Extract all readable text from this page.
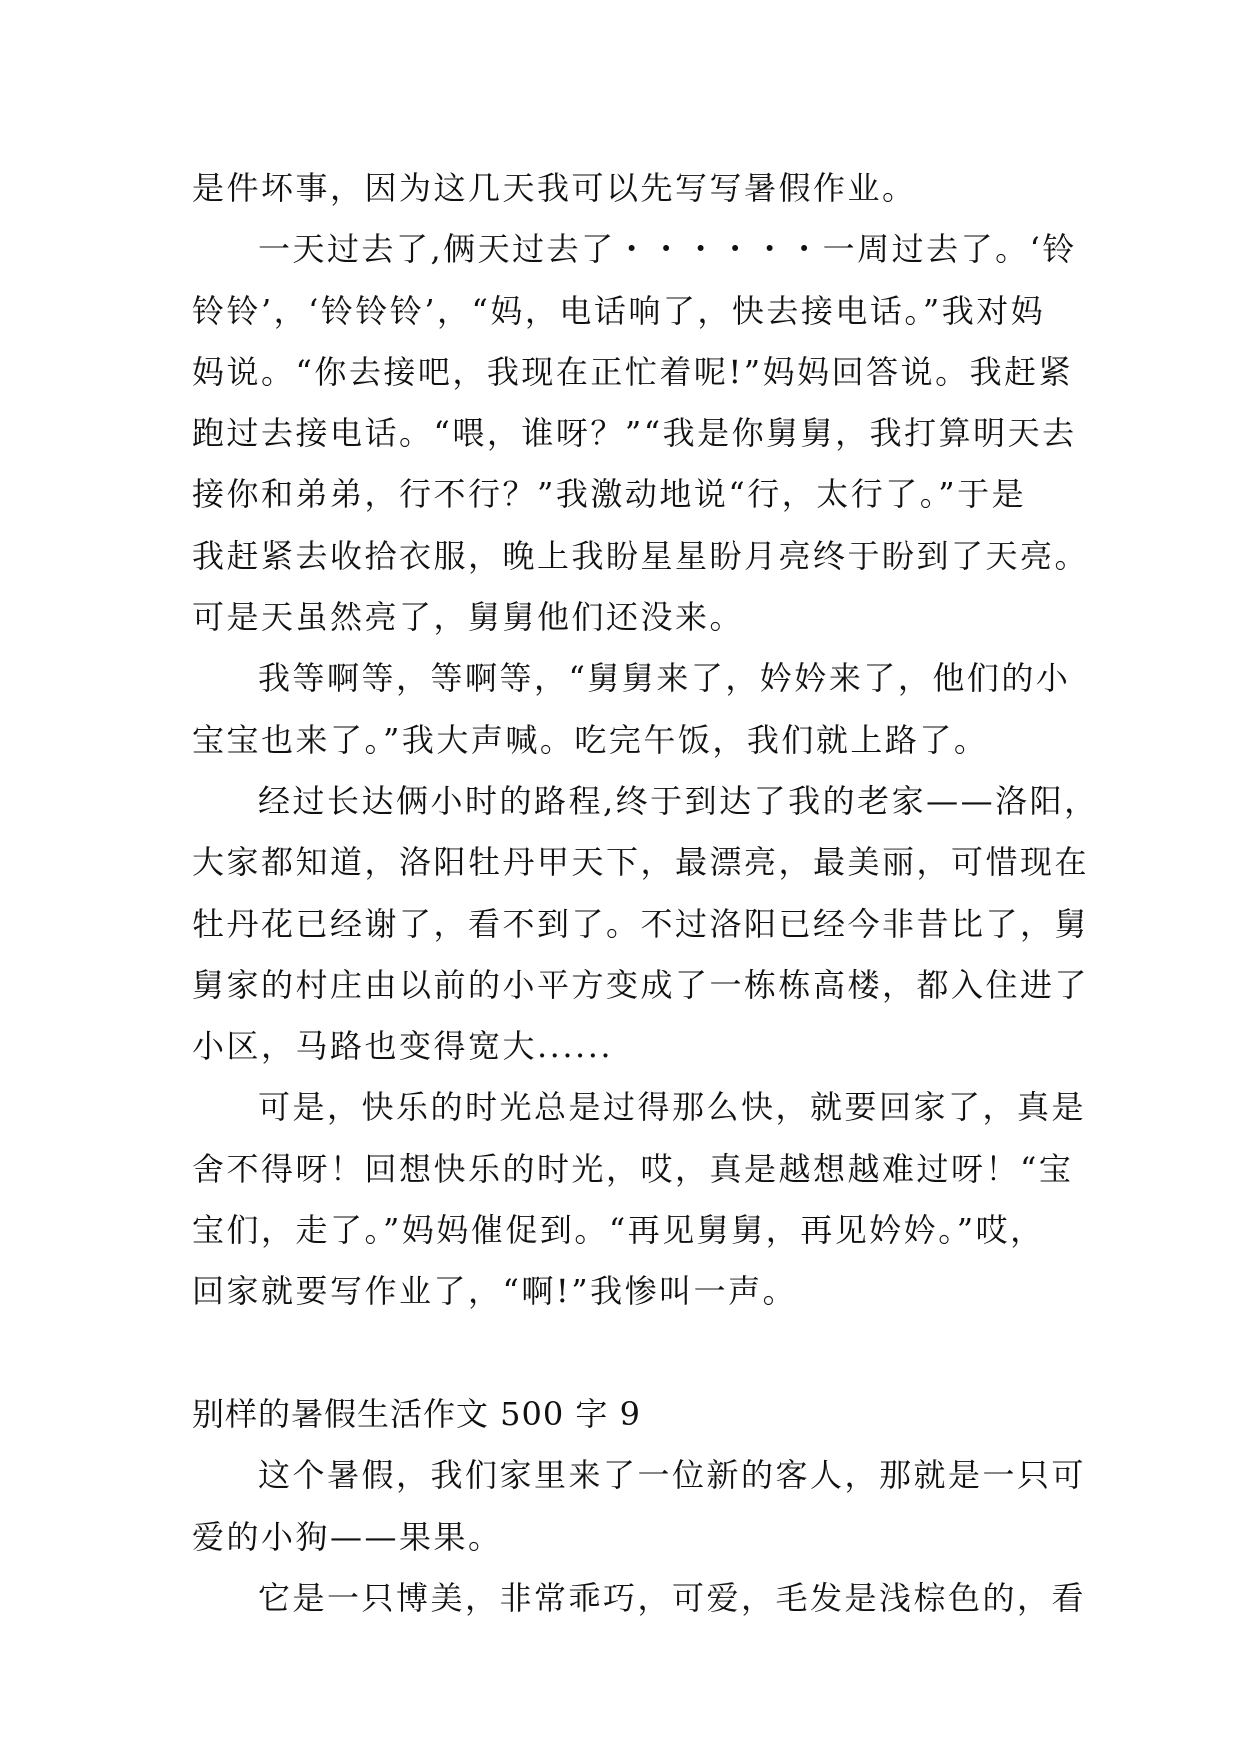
是件坏事，因为这几天我可以先写写暑假作业。
一天过去了,俩天过去了・・・・・・一周过去了。‘铃
铃铃’，‘铃铃铃’，“妈，电话响了，快去接电话。”我对妈
妈说。“你去接吧，我现在正忙着呢!”妈妈回答说。我赶紧
跑过去接电话。“喂，谁呀？”“我是你舅舅，我打算明天去
接你和弟弟，行不行？”我激动地说“行，太行了。”于是
我赶紧去收拾衣服，晚上我盼星星盼月亮终于盼到了天亮。
可是天虽然亮了，舅舅他们还没来。
我等啊等，等啊等，“舅舅来了，妗妗来了，他们的小
宝宝也来了。”我大声喊。吃完午饭，我们就上路了。
经过长达俩小时的路程,终于到达了我的老家——洛阳，
大家都知道，洛阳牡丹甲天下，最漂亮，最美丽，可惜现在
牡丹花已经谢了，看不到了。不过洛阳已经今非昔比了，舅
舅家的村庄由以前的小平方变成了一栋栋高楼，都入住进了
小区，马路也变得宽大......
可是，快乐的时光总是过得那么快，就要回家了，真是
舍不得呀！回想快乐的时光，哎，真是越想越难过呀！“宝
宝们，走了。”妈妈催促到。“再见舅舅，再见妗妗。”哎，
回家就要写作业了，“啊!”我惨叫一声。
别样的暑假生活作文 500 字 9
这个暑假，我们家里来了一位新的客人，那就是一只可
爱的小狗——果果。
它是一只博美，非常乖巧，可爱，毛发是浅棕色的，看
